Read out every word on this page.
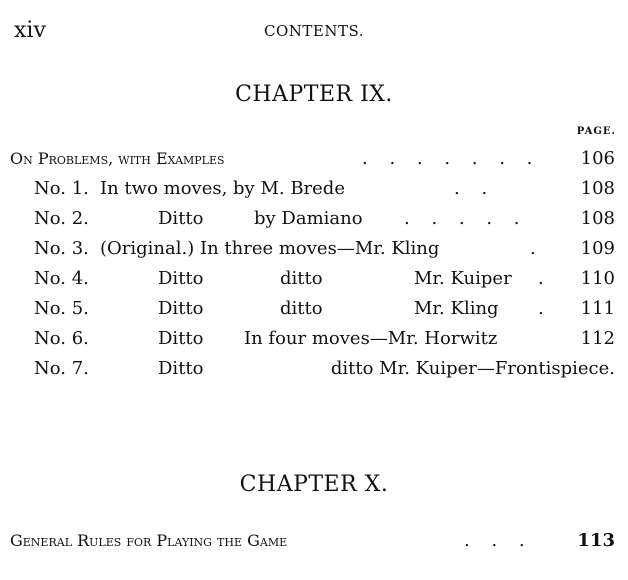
xiv	CONTENTS.
CHAPTER IX.
PAGE.
On Problems, with Examples	. . . . . . . 106
No. 1. In two moves, by M. Brede	. .	108
No. 2.	Ditto	by Damiano . . . . .	108
No. 3. (Original.) In three moves—Mr. Kling	. 109
No. 4.	Ditto	ditto	Mr. Kuiper . 110
No. 5.	Ditto	ditto	Mr. Kling . 111
No. 6.	Ditto In four moves—Mr. Horwitz	112
No. 7.	Ditto	ditto Mr. Kuiper—Frontispiece.
CHAPTER X.
General Rules for Playing the Game	. . . 113
